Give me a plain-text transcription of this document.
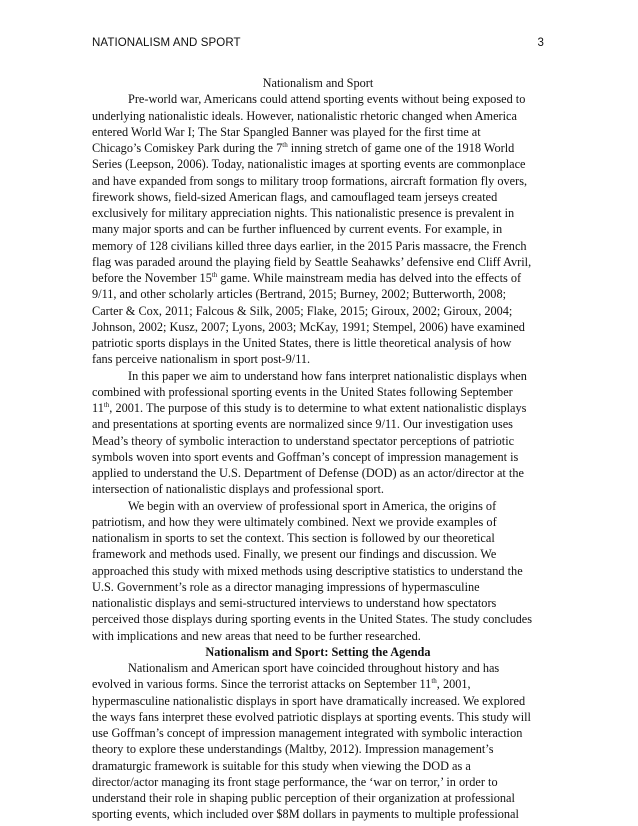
NATIONALISM AND SPORT	3
Nationalism and Sport
Pre-world war, Americans could attend sporting events without being exposed to
underlying nationalistic ideals. However, nationalistic rhetoric changed when America
entered World War I; The Star Spangled Banner was played for the first time at
Chicago’s Comiskey Park during the 7th inning stretch of game one of the 1918 World
Series (Leepson, 2006). Today, nationalistic images at sporting events are commonplace
and have expanded from songs to military troop formations, aircraft formation fly overs,
firework shows, field-sized American flags, and camouflaged team jerseys created
exclusively for military appreciation nights. This nationalistic presence is prevalent in
many major sports and can be further influenced by current events. For example, in
memory of 128 civilians killed three days earlier, in the 2015 Paris massacre, the French
flag was paraded around the playing field by Seattle Seahawks’ defensive end Cliff Avril,
before the November 15th game. While mainstream media has delved into the effects of
9/11, and other scholarly articles (Bertrand, 2015; Burney, 2002; Butterworth, 2008;
Carter & Cox, 2011; Falcous & Silk, 2005; Flake, 2015; Giroux, 2002; Giroux, 2004;
Johnson, 2002; Kusz, 2007; Lyons, 2003; McKay, 1991; Stempel, 2006) have examined
patriotic sports displays in the United States, there is little theoretical analysis of how
fans perceive nationalism in sport post-9/11.
In this paper we aim to understand how fans interpret nationalistic displays when
combined with professional sporting events in the United States following September
11th, 2001. The purpose of this study is to determine to what extent nationalistic displays
and presentations at sporting events are normalized since 9/11. Our investigation uses
Mead’s theory of symbolic interaction to understand spectator perceptions of patriotic
symbols woven into sport events and Goffman’s concept of impression management is
applied to understand the U.S. Department of Defense (DOD) as an actor/director at the
intersection of nationalistic displays and professional sport.
We begin with an overview of professional sport in America, the origins of
patriotism, and how they were ultimately combined. Next we provide examples of
nationalism in sports to set the context. This section is followed by our theoretical
framework and methods used. Finally, we present our findings and discussion. We
approached this study with mixed methods using descriptive statistics to understand the
U.S. Government’s role as a director managing impressions of hypermasculine
nationalistic displays and semi-structured interviews to understand how spectators
perceived those displays during sporting events in the United States. The study concludes
with implications and new areas that need to be further researched.
Nationalism and Sport: Setting the Agenda
Nationalism and American sport have coincided throughout history and has
evolved in various forms. Since the terrorist attacks on September 11th, 2001,
hypermasculine nationalistic displays in sport have dramatically increased. We explored
the ways fans interpret these evolved patriotic displays at sporting events. This study will
use Goffman’s concept of impression management integrated with symbolic interaction
theory to explore these understandings (Maltby, 2012). Impression management’s
dramaturgic framework is suitable for this study when viewing the DOD as a
director/actor managing its front stage performance, the ‘war on terror,’ in order to
understand their role in shaping public perception of their organization at professional
sporting events, which included over $8M dollars in payments to multiple professional
